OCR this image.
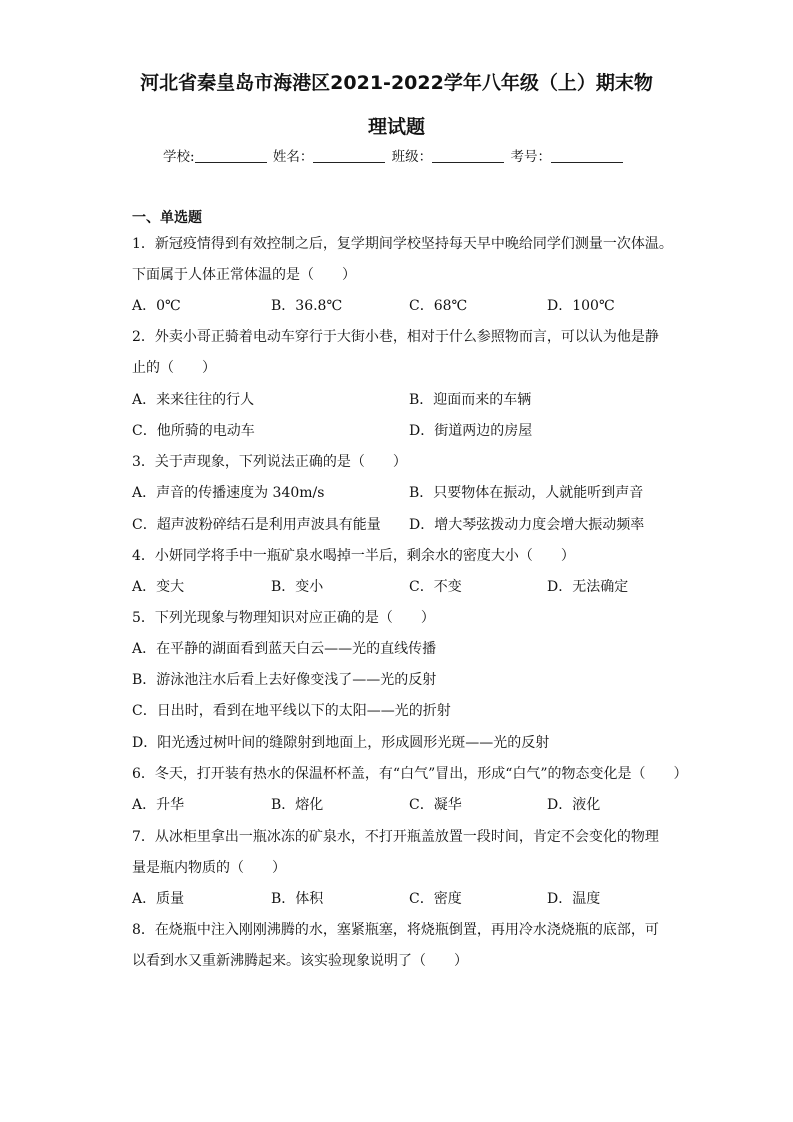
河北省秦皇岛市海港区2021-2022学年八年级（上）期末物
理试题
学校:	姓名：	班级：	考号：
一、单选题
1．新冠疫情得到有效控制之后，复学期间学校坚持每天早中晚给同学们测量一次体温。
下面属于人体正常体温的是（　　）
A．0℃	B．36.8℃	C．68℃	D．100℃
2．外卖小哥正骑着电动车穿行于大街小巷，相对于什么参照物而言，可以认为他是静
止的（　　）
A．来来往往的行人	B．迎面而来的车辆
C．他所骑的电动车	D．街道两边的房屋
3．关于声现象，下列说法正确的是（　　）
A．声音的传播速度为 340m/s	B．只要物体在振动，人就能听到声音
C．超声波粉碎结石是利用声波具有能量 D．增大琴弦拨动力度会增大振动频率
4．小妍同学将手中一瓶矿泉水喝掉一半后，剩余水的密度大小（　　）
A．变大	B．变小	C．不变	D．无法确定
5．下列光现象与物理知识对应正确的是（　　）
A．在平静的湖面看到蓝天白云——光的直线传播
B．游泳池注水后看上去好像变浅了——光的反射
C．日出时，看到在地平线以下的太阳——光的折射
D．阳光透过树叶间的缝隙射到地面上，形成圆形光斑——光的反射
6．冬天，打开装有热水的保温杯杯盖，有“白气”冒出，形成“白气”的物态变化是（　　）
A．升华	B．熔化	C．凝华	D．液化
7．从冰柜里拿出一瓶冰冻的矿泉水，不打开瓶盖放置一段时间，肯定不会变化的物理
量是瓶内物质的（　　）
A．质量	B．体积	C．密度	D．温度
8．在烧瓶中注入刚刚沸腾的水，塞紧瓶塞，将烧瓶倒置，再用冷水浇烧瓶的底部，可
以看到水又重新沸腾起来。该实验现象说明了（　　）
